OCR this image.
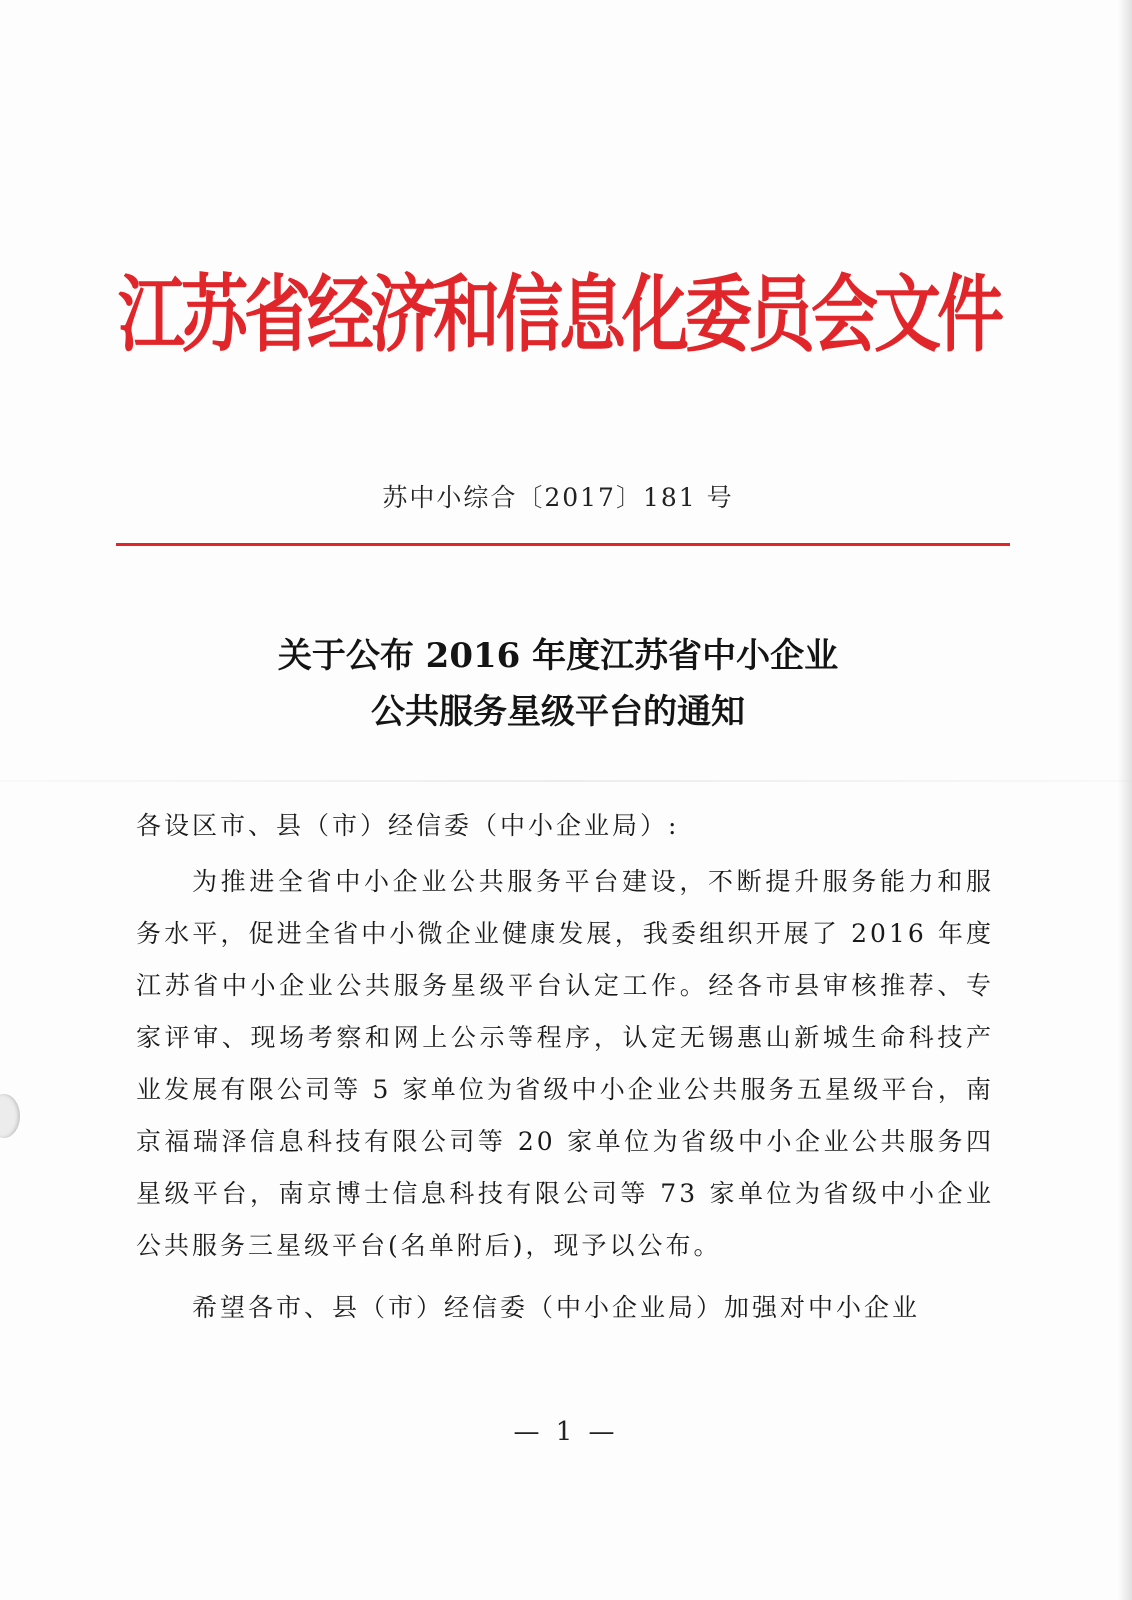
江苏省经济和信息化委员会文件
苏中小综合〔2017〕181 号
关于公布 2016 年度江苏省中小企业
公共服务星级平台的通知

各设区市、县（市）经信委（中小企业局）:

为推进全省中小企业公共服务平台建设，不断提升服务能力和服务水平，促进全省中小微企业健康发展，我委组织开展了 2016 年度江苏省中小企业公共服务星级平台认定工作。经各市县审核推荐、专家评审、现场考察和网上公示等程序，认定无锡惠山新城生命科技产业发展有限公司等 5 家单位为省级中小企业公共服务五星级平台，南京福瑞泽信息科技有限公司等 20 家单位为省级中小企业公共服务四星级平台，南京博士信息科技有限公司等 73 家单位为省级中小企业公共服务三星级平台(名单附后)，现予以公布。

希望各市、县（市）经信委（中小企业局）加强对中小企业

— 1 —
